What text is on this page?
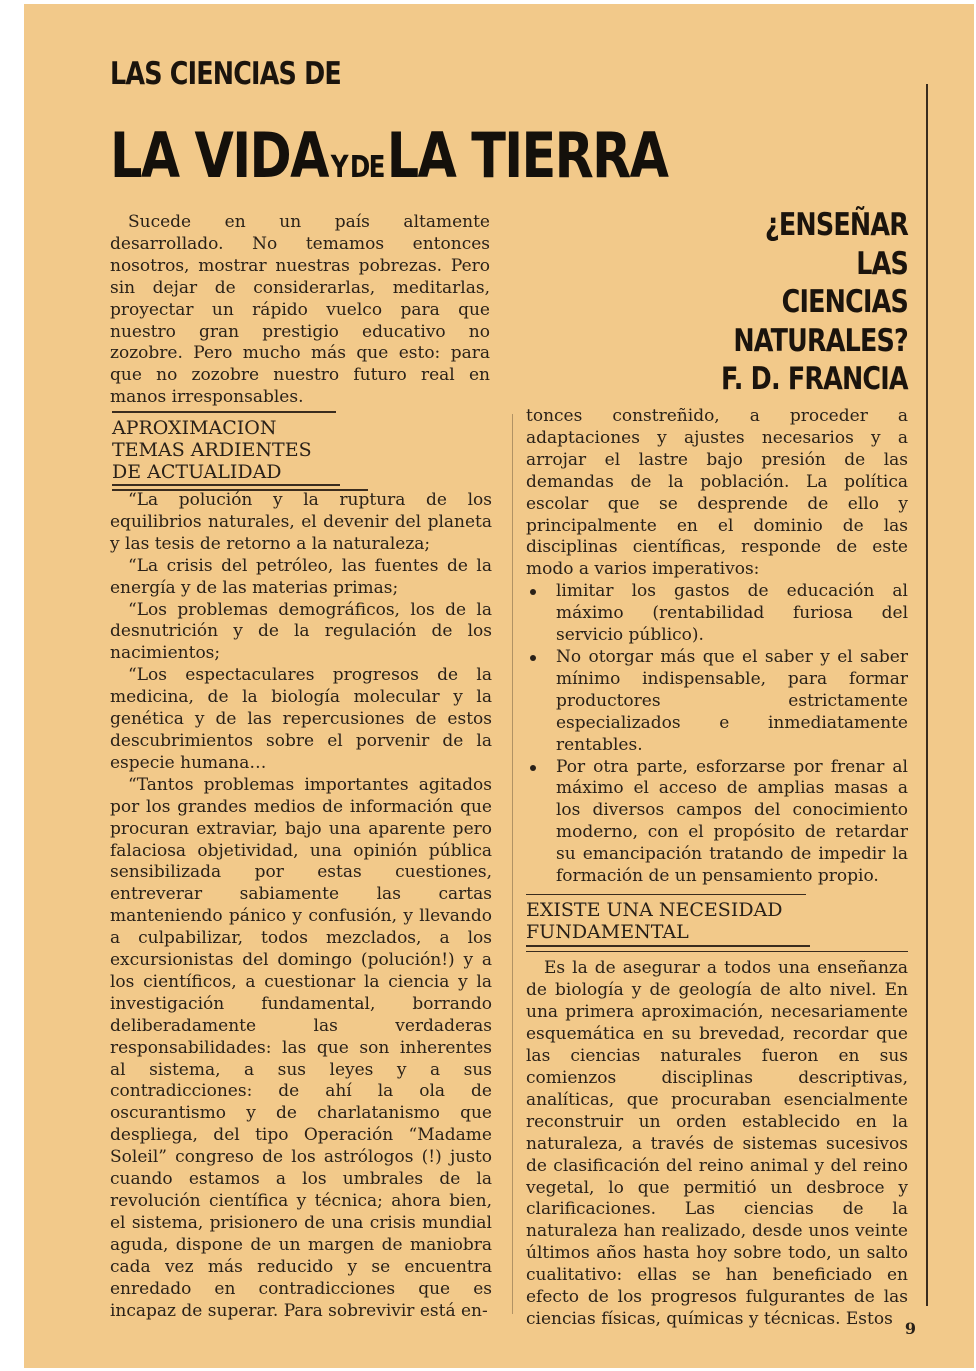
LAS CIENCIAS DE
LA VIDA Y DE LA TIERRA

Sucede en un país altamente desarrollado. No temamos entonces nosotros, mostrar nuestras pobrezas. Pero sin dejar de considerarlas, meditarlas, proyectar un rápido vuelco para que nuestro gran prestigio educativo no zozobre. Pero mucho más que esto: para que no zozobre nuestro futuro real en manos irresponsables.

¿ENSEÑAR
LAS
CIENCIAS
NATURALES?
F. D. FRANCIA
APROXIMACION
TEMAS ARDIENTES
DE ACTUALIDAD

“La polución y la ruptura de los equilibrios naturales, el devenir del planeta y las tesis de retorno a la naturaleza;

“La crisis del petróleo, las fuentes de la energía y de las materias primas;

“Los problemas demográficos, los de la desnutrición y de la regulación de los nacimientos;

“Los espectaculares progresos de la medicina, de la biología molecular y la genética y de las repercusiones de estos descubrimientos sobre el porvenir de la especie humana…

“Tantos problemas importantes agitados por los grandes medios de información que procuran extraviar, bajo una aparente pero falaciosa objetividad, una opinión pública sensibilizada por estas cuestiones, entreverar sabiamente las cartas manteniendo pánico y confusión, y llevando a culpabilizar, todos mezclados, a los excursionistas del domingo (polución!) y a los científicos, a cuestionar la ciencia y la investigación fundamental, borrando deliberadamente las verdaderas responsabilidades: las que son inherentes al sistema, a sus leyes y a sus contradicciones: de ahí la ola de oscurantismo y de charlatanismo que despliega, del tipo Operación “Madame Soleil” congreso de los astrólogos (!) justo cuando estamos a los umbrales de la revolución científica y técnica; ahora bien, el sistema, prisionero de una crisis mundial aguda, dispone de un margen de maniobra cada vez más reducido y se encuentra enredado en contradicciones que es incapaz de superar. Para sobrevivir está en-

tonces constreñido, a proceder a adaptaciones y ajustes necesarios y a arrojar el lastre bajo presión de las demandas de la población. La política escolar que se desprende de ello y principalmente en el dominio de las disciplinas científicas, responde de este modo a varios imperativos:

limitar los gastos de educación al máximo (rentabilidad furiosa del servicio público).
No otorgar más que el saber y el saber mínimo indispensable, para formar productores estrictamente especializados e inmediatamente rentables.
Por otra parte, esforzarse por frenar al máximo el acceso de amplias masas a los diversos campos del conocimiento moderno, con el propósito de retardar su emancipación tratando de impedir la formación de un pensamiento propio.
EXISTE UNA NECESIDAD
FUNDAMENTAL

Es la de asegurar a todos una enseñanza de biología y de geología de alto nivel. En una primera aproximación, necesariamente esquemática en su brevedad, recordar que las ciencias naturales fueron en sus comienzos disciplinas descriptivas, analíticas, que procuraban esencialmente reconstruir un orden establecido en la naturaleza, a través de sistemas sucesivos de clasificación del reino animal y del reino vegetal, lo que permitió un desbroce y clarificaciones. Las ciencias de la naturaleza han realizado, desde unos veinte últimos años hasta hoy sobre todo, un salto cualitativo: ellas se han beneficiado en efecto de los progresos fulgurantes de las ciencias físicas, químicas y técnicas. Estos 9
